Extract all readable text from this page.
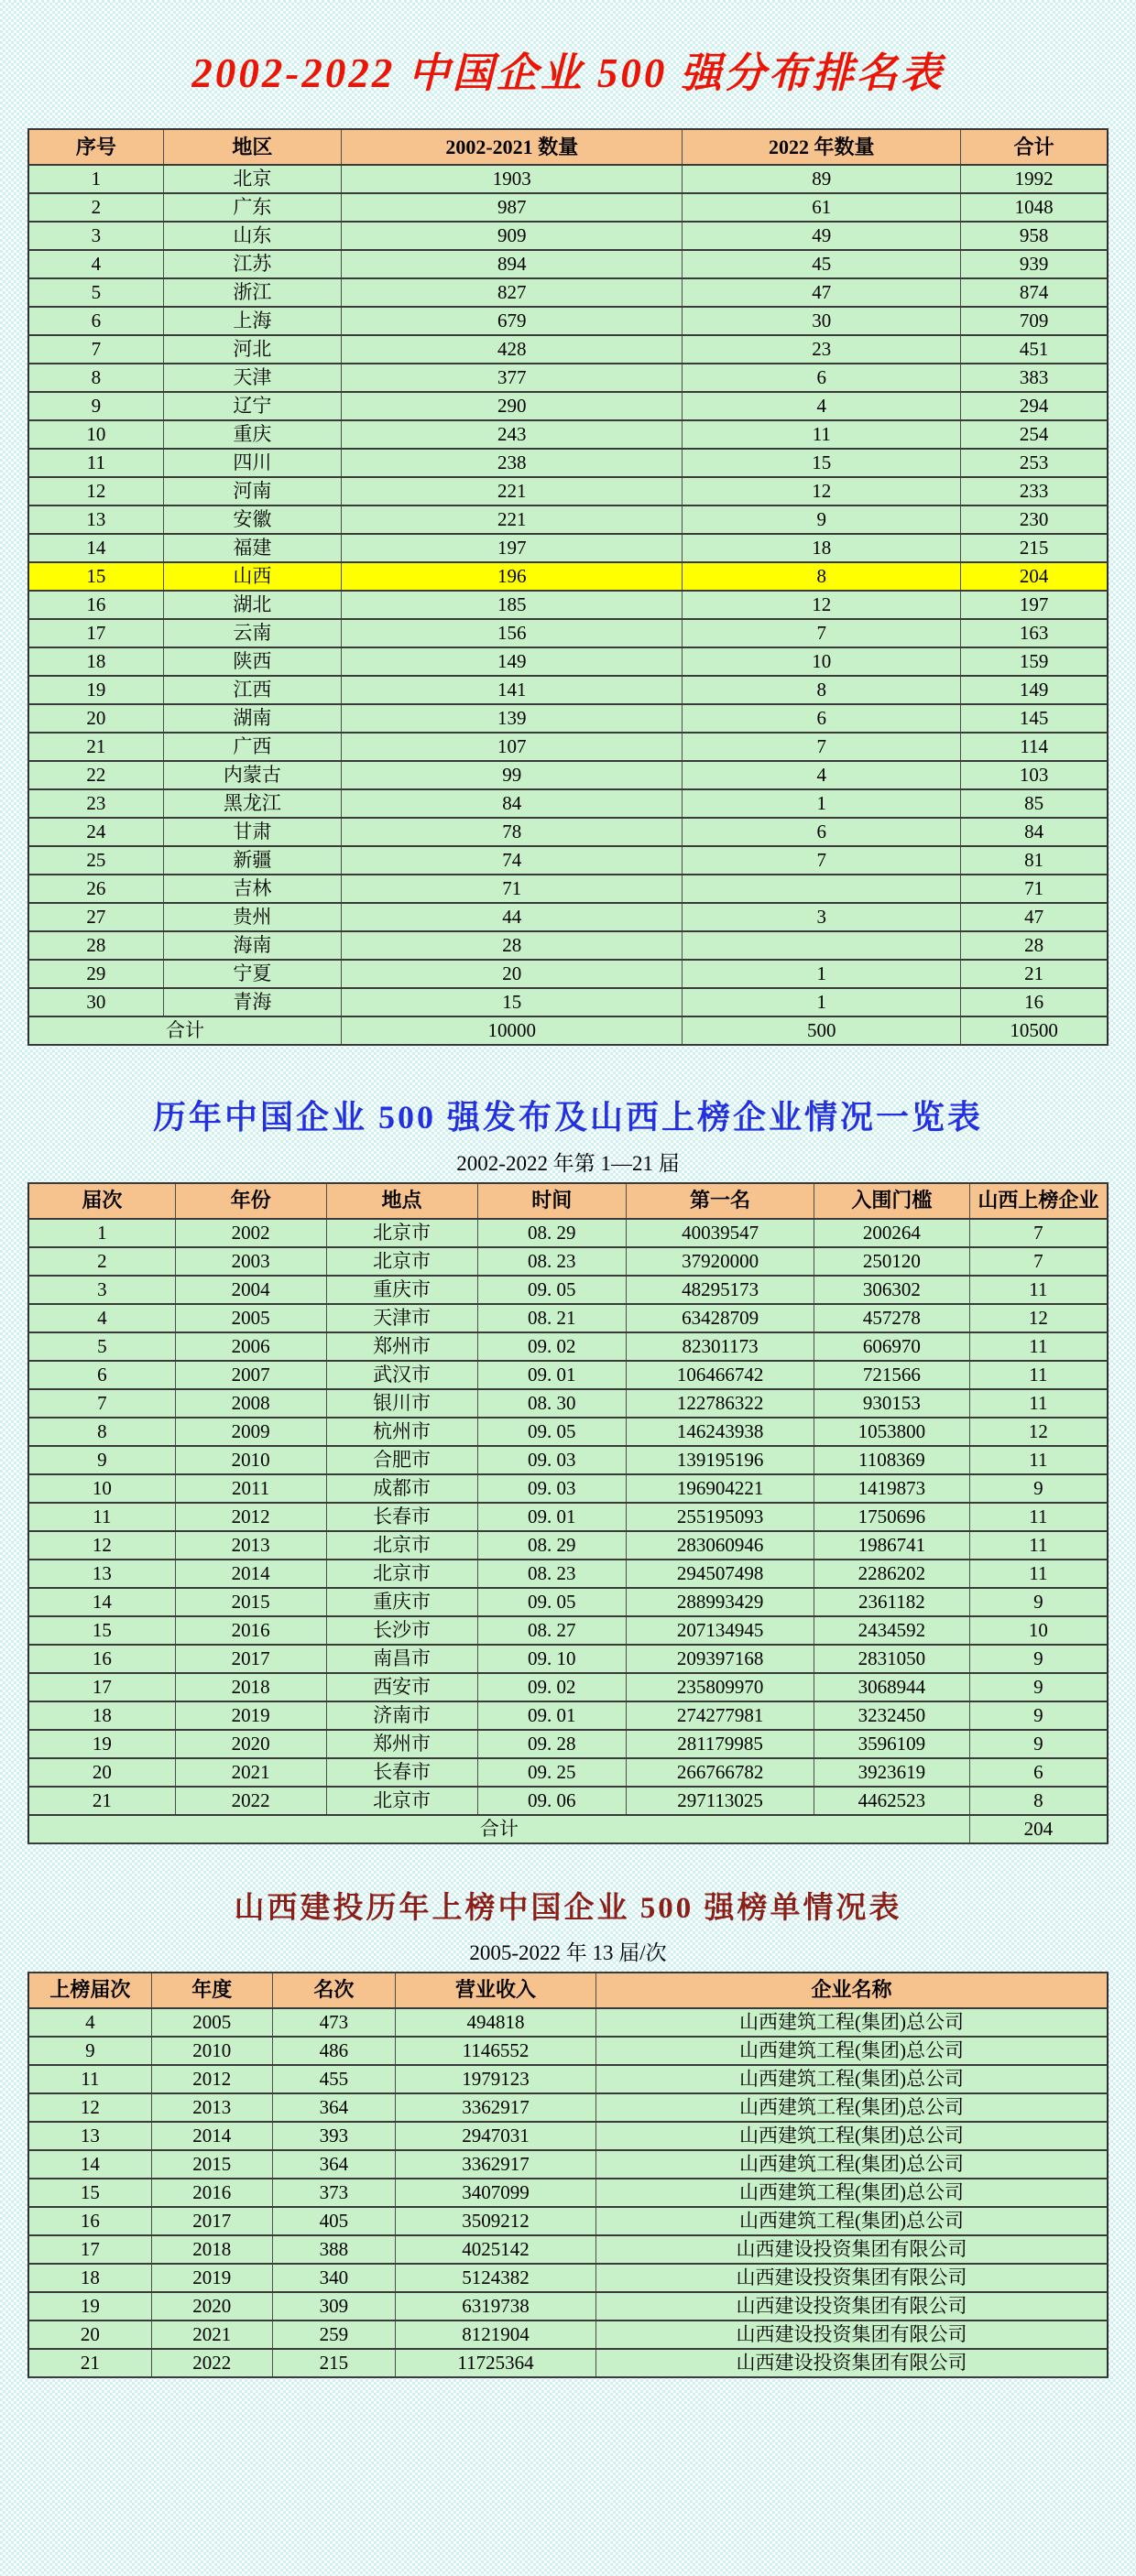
2002-2022 中国企业 500 强分布排名表
序号	地区	2002-2021 数量	2022 年数量	合计
1	北京	1903	89	1992
2	广东	987	61	1048
3	山东	909	49	958
4	江苏	894	45	939
5	浙江	827	47	874
6	上海	679	30	709
7	河北	428	23	451
8	天津	377	6	383
9	辽宁	290	4	294
10	重庆	243	11	254
11	四川	238	15	253
12	河南	221	12	233
13	安徽	221	9	230
14	福建	197	18	215
15	山西	196	8	204
16	湖北	185	12	197
17	云南	156	7	163
18	陕西	149	10	159
19	江西	141	8	149
20	湖南	139	6	145
21	广西	107	7	114
22	内蒙古	99	4	103
23	黑龙江	84	1	85
24	甘肃	78	6	84
25	新疆	74	7	81
26	吉林	71		71
27	贵州	44	3	47
28	海南	28		28
29	宁夏	20	1	21
30	青海	15	1	16
合计		10000	500	10500
历年中国企业 500 强发布及山西上榜企业情况一览表
2002-2022 年第 1—21 届
届次	年份	地点	时间	第一名	入围门槛	山西上榜企业
1	2002	北京市	08. 29	40039547	200264	7
2	2003	北京市	08. 23	37920000	250120	7
3	2004	重庆市	09. 05	48295173	306302	11
4	2005	天津市	08. 21	63428709	457278	12
5	2006	郑州市	09. 02	82301173	606970	11
6	2007	武汉市	09. 01	106466742	721566	11
7	2008	银川市	08. 30	122786322	930153	11
8	2009	杭州市	09. 05	146243938	1053800	12
9	2010	合肥市	09. 03	139195196	1108369	11
10	2011	成都市	09. 03	196904221	1419873	9
11	2012	长春市	09. 01	255195093	1750696	11
12	2013	北京市	08. 29	283060946	1986741	11
13	2014	北京市	08. 23	294507498	2286202	11
14	2015	重庆市	09. 05	288993429	2361182	9
15	2016	长沙市	08. 27	207134945	2434592	10
16	2017	南昌市	09. 10	209397168	2831050	9
17	2018	西安市	09. 02	235809970	3068944	9
18	2019	济南市	09. 01	274277981	3232450	9
19	2020	郑州市	09. 28	281179985	3596109	9
20	2021	长春市	09. 25	266766782	3923619	6
21	2022	北京市	09. 06	297113025	4462523	8
合计						204
山西建投历年上榜中国企业 500 强榜单情况表
2005-2022 年 13 届/次
上榜届次	年度	名次	营业收入	企业名称
4	2005	473	494818	山西建筑工程(集团)总公司
9	2010	486	1146552	山西建筑工程(集团)总公司
11	2012	455	1979123	山西建筑工程(集团)总公司
12	2013	364	3362917	山西建筑工程(集团)总公司
13	2014	393	2947031	山西建筑工程(集团)总公司
14	2015	364	3362917	山西建筑工程(集团)总公司
15	2016	373	3407099	山西建筑工程(集团)总公司
16	2017	405	3509212	山西建筑工程(集团)总公司
17	2018	388	4025142	山西建设投资集团有限公司
18	2019	340	5124382	山西建设投资集团有限公司
19	2020	309	6319738	山西建设投资集团有限公司
20	2021	259	8121904	山西建设投资集团有限公司
21	2022	215	11725364	山西建设投资集团有限公司
